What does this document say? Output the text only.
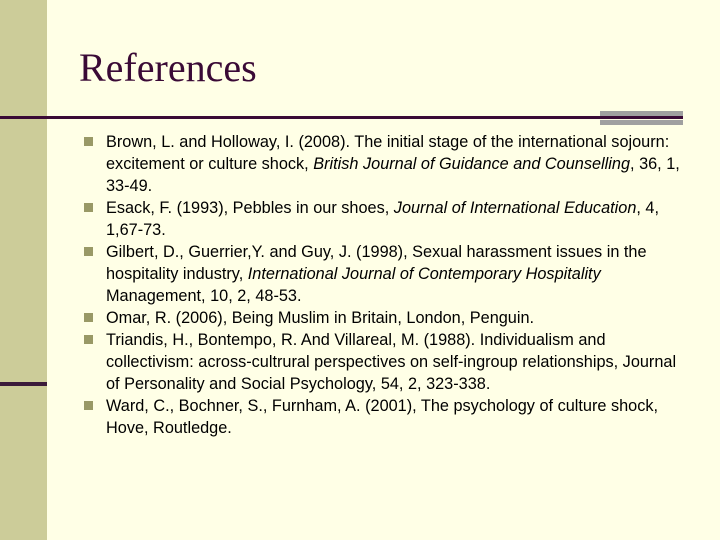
References
Brown, L. and Holloway, I. (2008). The initial stage of the international sojourn: excitement or culture shock, British Journal of Guidance and Counselling, 36, 1, 33-49.
Esack, F. (1993), Pebbles in our shoes, Journal of International Education, 4, 1,67-73.
Gilbert, D., Guerrier,Y. and Guy, J. (1998), Sexual harassment issues in the hospitality industry, International Journal of Contemporary Hospitality Management, 10, 2, 48-53.
Omar, R. (2006), Being Muslim in Britain, London, Penguin.
Triandis, H., Bontempo, R. And Villareal, M. (1988). Individualism and collectivism: across-cultrural perspectives on self-ingroup relationships, Journal of Personality and Social Psychology, 54, 2, 323-338.
Ward, C., Bochner, S., Furnham, A. (2001), The psychology of culture shock, Hove, Routledge.
